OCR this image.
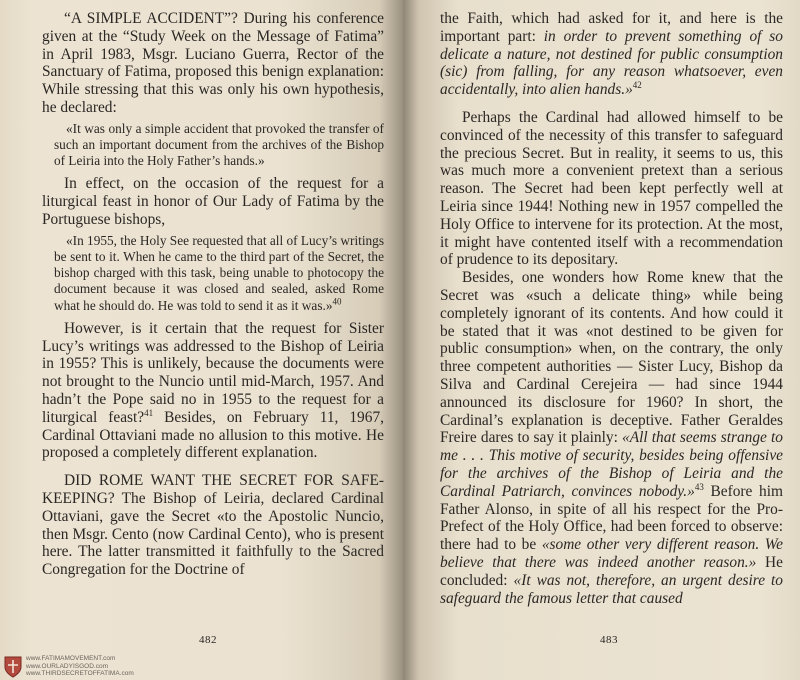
“A SIMPLE ACCIDENT”? During his conference given at the “Study Week on the Message of Fatima” in April 1983, Msgr. Luciano Guerra, Rector of the Sanctuary of Fatima, proposed this benign explanation: While stressing that this was only his own hypothesis, he declared:

«It was only a simple accident that provoked the transfer of such an important document from the archives of the Bishop of Leiria into the Holy Father’s hands.»

In effect, on the occasion of the request for a liturgical feast in honor of Our Lady of Fatima by the Portuguese bishops,

«In 1955, the Holy See requested that all of Lucy’s writings be sent to it. When he came to the third part of the Secret, the bishop charged with this task, being unable to photocopy the document because it was closed and sealed, asked Rome what he should do. He was told to send it as it was.»$^{40}$

However, is it certain that the request for Sister Lucy’s writings was addressed to the Bishop of Leiria in 1955? This is unlikely, because the documents were not brought to the Nuncio until mid-March, 1957. And hadn’t the Pope said no in 1955 to the request for a liturgical feast?$^{41}$ Besides, on February 11, 1967, Cardinal Ottaviani made no allusion to this motive. He proposed a completely different explanation.

DID ROME WANT THE SECRET FOR SAFE-KEEPING? The Bishop of Leiria, declared Cardinal Ottaviani, gave the Secret «to the Apostolic Nuncio, then Msgr. Cento (now Cardinal Cento), who is present here. The latter transmitted it faithfully to the Sacred Congregation for the Doctrine of

482
www.FATIMAMOVEMENT.com
www.OURLADYISGOD.com
www.THIRDSECRETOFFATIMA.com

the Faith, which had asked for it, and here is the important part: in order to prevent something of so delicate a nature, not destined for public consumption (sic) from falling, for any reason whatsoever, even accidentally, into alien hands.»$^{42}$

Perhaps the Cardinal had allowed himself to be convinced of the necessity of this transfer to safeguard the precious Secret. But in reality, it seems to us, this was much more a convenient pretext than a serious reason. The Secret had been kept perfectly well at Leiria since 1944! Nothing new in 1957 compelled the Holy Office to intervene for its protection. At the most, it might have contented itself with a recommendation of prudence to its depositary.

Besides, one wonders how Rome knew that the Secret was «such a delicate thing» while being completely ignorant of its contents. And how could it be stated that it was «not destined to be given for public consumption» when, on the contrary, the only three competent authorities — Sister Lucy, Bishop da Silva and Cardinal Cerejeira — had since 1944 announced its disclosure for 1960? In short, the Cardinal’s explanation is deceptive. Father Geraldes Freire dares to say it plainly: «All that seems strange to me . . . This motive of security, besides being offensive for the archives of the Bishop of Leiria and the Cardinal Patriarch, convinces nobody.»$^{43}$ Before him Father Alonso, in spite of all his respect for the Pro-Prefect of the Holy Office, had been forced to observe: there had to be «some other very different reason. We believe that there was indeed another reason.» He concluded: «It was not, therefore, an urgent desire to safeguard the famous letter that caused

483
